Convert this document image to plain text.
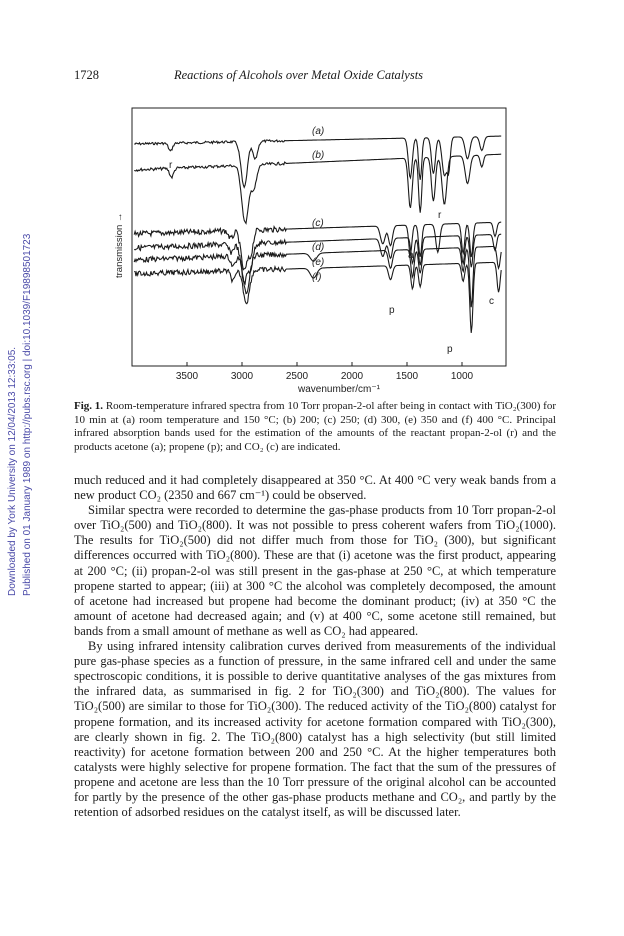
1728	Reactions of Alcohols over Metal Oxide Catalysts
Downloaded by York University on 12/04/2013 12:33:05. Published on 01 January 1989 on http://pubs.rsc.org | doi:10.1039/F19898501723	3500	3000	2500	2000	1500	1000
wavenumber/cm⁻¹
transmission →
(a)
(b)
(c)
(d)
(e)
(f)
r
r
a
p
p
c
Fig. 1. Room-temperature infrared spectra from 10 Torr propan-2-ol after being in contact with TiO₂(300) for 10 min at (a) room temperature and 150 °C; (b) 200; (c) 250; (d) 300, (e) 350 and (f) 400 °C. Principal infrared absorption bands used for the estimation of the amounts of the reactant propan-2-ol (r) and the products acetone (a); propene (p); and CO₂ (c) are indicated.

much reduced and it had completely disappeared at 350 °C. At 400 °C very weak bands from a new product CO₂ (2350 and 667 cm⁻¹) could be observed.

Similar spectra were recorded to determine the gas-phase products from 10 Torr propan-2-ol over TiO₂(500) and TiO₂(800). It was not possible to press coherent wafers from TiO₂(1000). The results for TiO₂(500) did not differ much from those for TiO₂ (300), but significant differences occurred with TiO₂(800). These are that (i) acetone was the first product, appearing at 200 °C; (ii) propan-2-ol was still present in the gas-phase at 250 °C, at which temperature propene started to appear; (iii) at 300 °C the alcohol was completely decomposed, the amount of acetone had increased but propene had become the dominant product; (iv) at 350 °C the amount of acetone had decreased again; and (v) at 400 °C, some acetone still remained, but bands from a small amount of methane as well as CO₂ had appeared.

By using infrared intensity calibration curves derived from measurements of the individual pure gas-phase species as a function of pressure, in the same infrared cell and under the same spectroscopic conditions, it is possible to derive quantitative analyses of the gas mixtures from the infrared data, as summarised in fig. 2 for TiO₂(300) and TiO₂(800). The values for TiO₂(500) are similar to those for TiO₂(300). The reduced activity of the TiO₂(800) catalyst for propene formation, and its increased activity for acetone formation compared with TiO₂(300), are clearly shown in fig. 2. The TiO₂(800) catalyst has a high selectivity (but still limited reactivity) for acetone formation between 200 and 250 °C. At the higher temperatures both catalysts were highly selective for propene formation. The fact that the sum of the pressures of propene and acetone are less than the 10 Torr pressure of the original alcohol can be accounted for partly by the presence of the other gas-phase products methane and CO₂, and partly by the retention of adsorbed residues on the catalyst itself, as will be discussed later.
